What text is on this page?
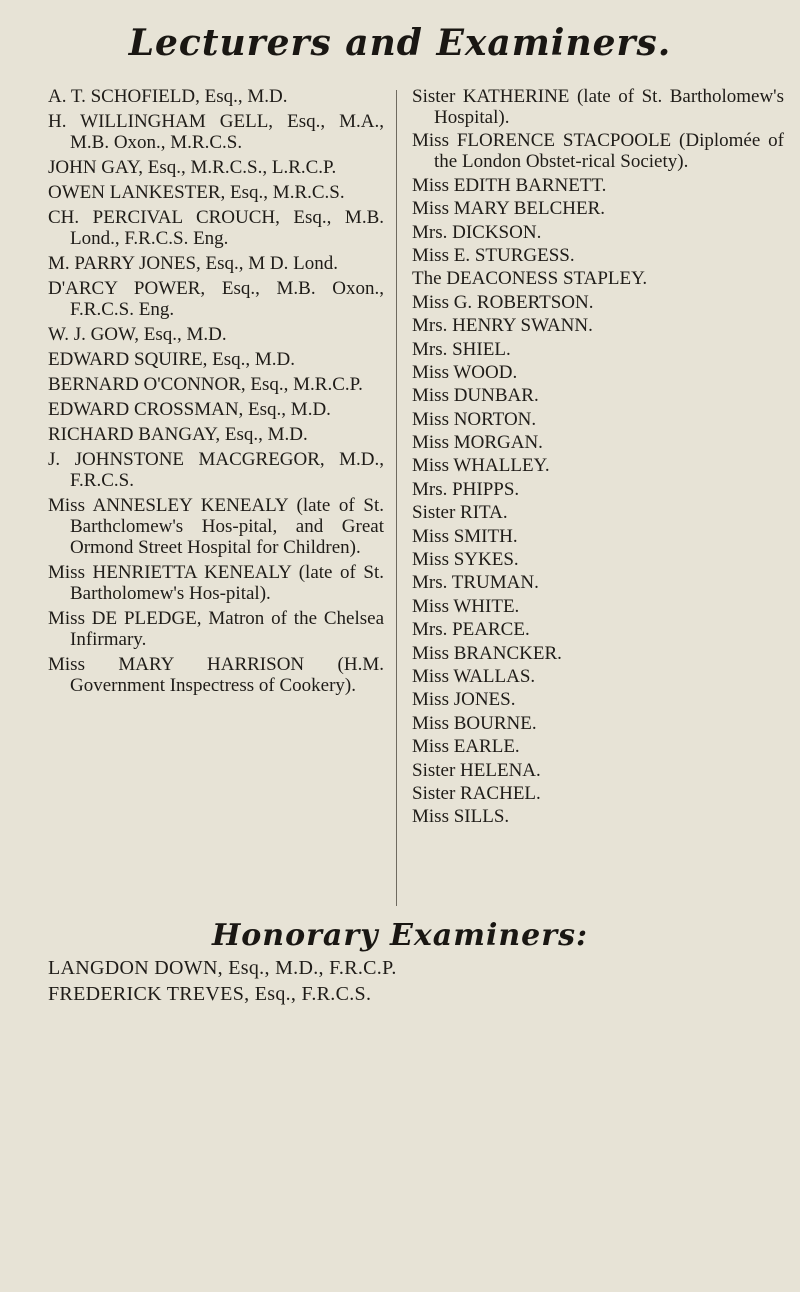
Lecturers and Examiners.

A. T. SCHOFIELD, Esq., M.D.

H. WILLINGHAM GELL, Esq., M.A., M.B. Oxon., M.R.C.S.

JOHN GAY, Esq., M.R.C.S., L.R.C.P.

OWEN LANKESTER, Esq., M.R.C.S.

CH. PERCIVAL CROUCH, Esq., M.B. Lond., F.R.C.S. Eng.

M. PARRY JONES, Esq., M D. Lond.

D'ARCY POWER, Esq., M.B. Oxon., F.R.C.S. Eng.

W. J. GOW, Esq., M.D.

EDWARD SQUIRE, Esq., M.D.

BERNARD O'CONNOR, Esq., M.R.C.P.

EDWARD CROSSMAN, Esq., M.D.

RICHARD BANGAY, Esq., M.D.

J. JOHNSTONE MACGREGOR, M.D., F.R.C.S.

Miss ANNESLEY KENEALY (late of St. Barthclomew's Hos-pital, and Great Ormond Street Hospital for Children).

Miss HENRIETTA KENEALY (late of St. Bartholomew's Hos-pital).

Miss DE PLEDGE, Matron of the Chelsea Infirmary.

Miss MARY HARRISON (H.M. Government Inspectress of Cookery).

Sister KATHERINE (late of St. Bartholomew's Hospital).

Miss FLORENCE STACPOOLE (Diplomée of the London Obstet-rical Society).

Miss EDITH BARNETT.

Miss MARY BELCHER.

Mrs. DICKSON.

Miss E. STURGESS.

The DEACONESS STAPLEY.

Miss G. ROBERTSON.

Mrs. HENRY SWANN.

Mrs. SHIEL.

Miss WOOD.

Miss DUNBAR.

Miss NORTON.

Miss MORGAN.

Miss WHALLEY.

Mrs. PHIPPS.

Sister RITA.

Miss SMITH.

Miss SYKES.

Mrs. TRUMAN.

Miss WHITE.

Mrs. PEARCE.

Miss BRANCKER.

Miss WALLAS.

Miss JONES.

Miss BOURNE.

Miss EARLE.

Sister HELENA.

Sister RACHEL.

Miss SILLS.

Honorary Examiners:
LANGDON DOWN, Esq., M.D., F.R.C.P.
FREDERICK TREVES, Esq., F.R.C.S.
